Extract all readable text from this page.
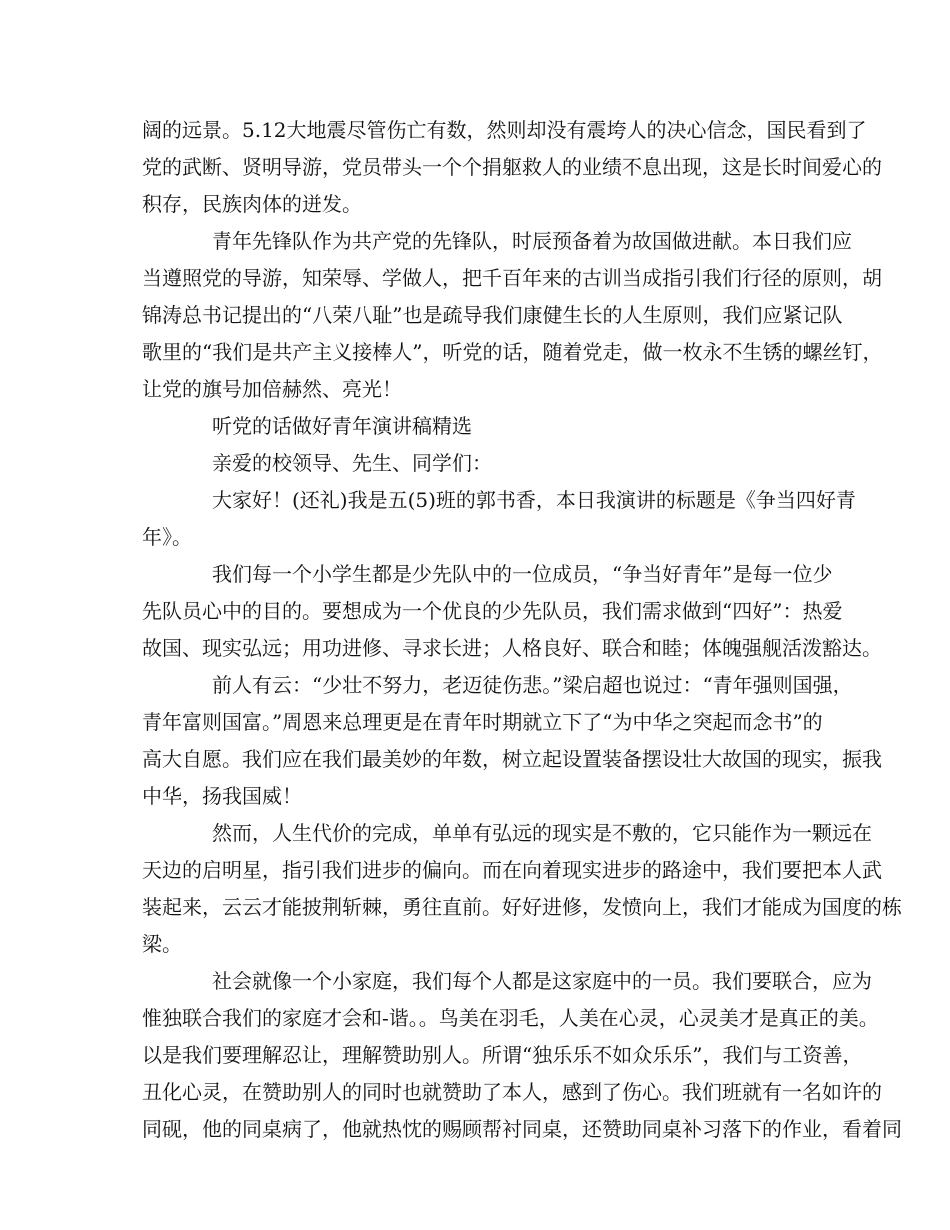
阔的远景。5.12大地震尽管伤亡有数，然则却没有震垮人的决心信念，国民看到了
党的武断、贤明导游，党员带头一个个捐躯救人的业绩不息出现，这是长时间爱心的
积存，民族肉体的迸发。
青年先锋队作为共产党的先锋队，时辰预备着为故国做进献。本日我们应
当遵照党的导游，知荣辱、学做人，把千百年来的古训当成指引我们行径的原则，胡
锦涛总书记提出的“八荣八耻”也是疏导我们康健生长的人生原则，我们应紧记队
歌里的“我们是共产主义接棒人”，听党的话，随着党走，做一枚永不生锈的螺丝钉，
让党的旗号加倍赫然、亮光！
听党的话做好青年演讲稿精选
亲爱的校领导、先生、同学们：
大家好！(还礼)我是五(5)班的郭书香，本日我演讲的标题是《争当四好青
年》。
我们每一个小学生都是少先队中的一位成员，“争当好青年”是每一位少
先队员心中的目的。要想成为一个优良的少先队员，我们需求做到“四好”：热爱
故国、现实弘远；用功进修、寻求长进；人格良好、联合和睦；体魄强舰活泼豁达。
前人有云：“少壮不努力，老迈徒伤悲。”梁启超也说过：“青年强则国强，
青年富则国富。”周恩来总理更是在青年时期就立下了“为中华之突起而念书”的
高大自愿。我们应在我们最美妙的年数，树立起设置装备摆设壮大故国的现实，振我
中华，扬我国威！
然而，人生代价的完成，单单有弘远的现实是不敷的，它只能作为一颗远在
天边的启明星，指引我们进步的偏向。而在向着现实进步的路途中，我们要把本人武
装起来，云云才能披荆斩棘，勇往直前。好好进修，发愤向上，我们才能成为国度的栋
梁。
社会就像一个小家庭，我们每个人都是这家庭中的一员。我们要联合，应为
惟独联合我们的家庭才会和-谐。。鸟美在羽毛，人美在心灵，心灵美才是真正的美。
以是我们要理解忍让，理解赞助别人。所谓“独乐乐不如众乐乐”，我们与工资善，
丑化心灵，在赞助别人的同时也就赞助了本人，感到了伤心。我们班就有一名如许的
同砚，他的同桌病了，他就热忱的赐顾帮衬同桌，还赞助同桌补习落下的作业，看着同
